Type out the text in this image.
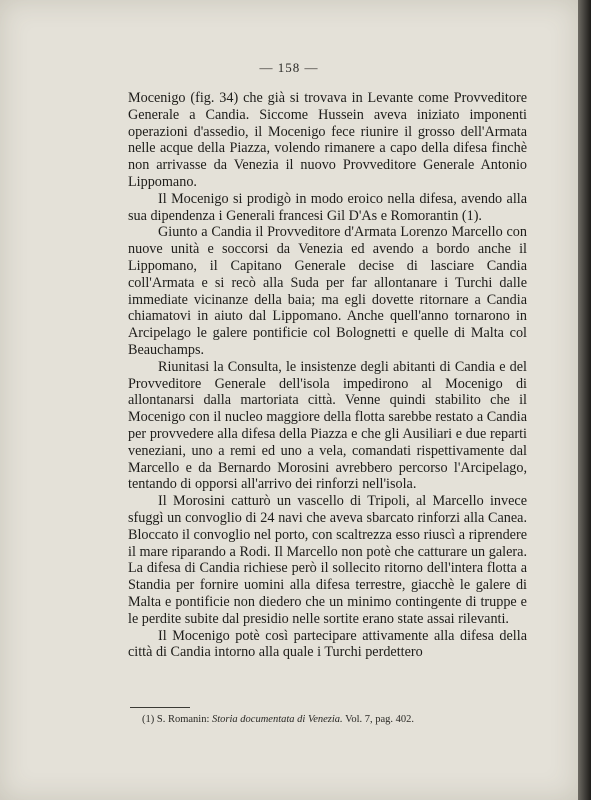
— 158 —

Mocenigo (fig. 34) che già si trovava in Levante come Provveditore Generale a Candia. Siccome Hussein aveva iniziato imponenti operazioni d'assedio, il Mocenigo fece riunire il grosso dell'Armata nelle acque della Piazza, volendo rimanere a capo della difesa finchè non arrivasse da Venezia il nuovo Provveditore Generale Antonio Lippomano.

Il Mocenigo si prodigò in modo eroico nella difesa, avendo alla sua dipendenza i Generali francesi Gil D'As e Romorantin (1).

Giunto a Candia il Provveditore d'Armata Lorenzo Marcello con nuove unità e soccorsi da Venezia ed avendo a bordo anche il Lippomano, il Capitano Generale decise di lasciare Candia coll'Armata e si recò alla Suda per far allontanare i Turchi dalle immediate vicinanze della baia; ma egli dovette ritornare a Candia chiamatovi in aiuto dal Lippomano. Anche quell'anno tornarono in Arcipelago le galere pontificie col Bolognetti e quelle di Malta col Beauchamps.

Riunitasi la Consulta, le insistenze degli abitanti di Candia e del Provveditore Generale dell'isola impedirono al Mocenigo di allontanarsi dalla martoriata città. Venne quindi stabilito che il Mocenigo con il nucleo maggiore della flotta sarebbe restato a Candia per provvedere alla difesa della Piazza e che gli Ausiliari e due reparti veneziani, uno a remi ed uno a vela, comandati rispettivamente dal Marcello e da Bernardo Morosini avrebbero percorso l'Arcipelago, tentando di opporsi all'arrivo dei rinforzi nell'isola.

Il Morosini catturò un vascello di Tripoli, al Marcello invece sfuggì un convoglio di 24 navi che aveva sbarcato rinforzi alla Canea. Bloccato il convoglio nel porto, con scaltrezza esso riuscì a riprendere il mare riparando a Rodi. Il Marcello non potè che catturare un galera. La difesa di Candia richiese però il sollecito ritorno dell'intera flotta a Standia per fornire uomini alla difesa terrestre, giacchè le galere di Malta e pontificie non diedero che un minimo contingente di truppe e le perdite subite dal presidio nelle sortite erano state assai rilevanti.

Il Mocenigo potè così partecipare attivamente alla difesa della città di Candia intorno alla quale i Turchi perdettero

(1) S. Romanin: Storia documentata di Venezia. Vol. 7, pag. 402.
